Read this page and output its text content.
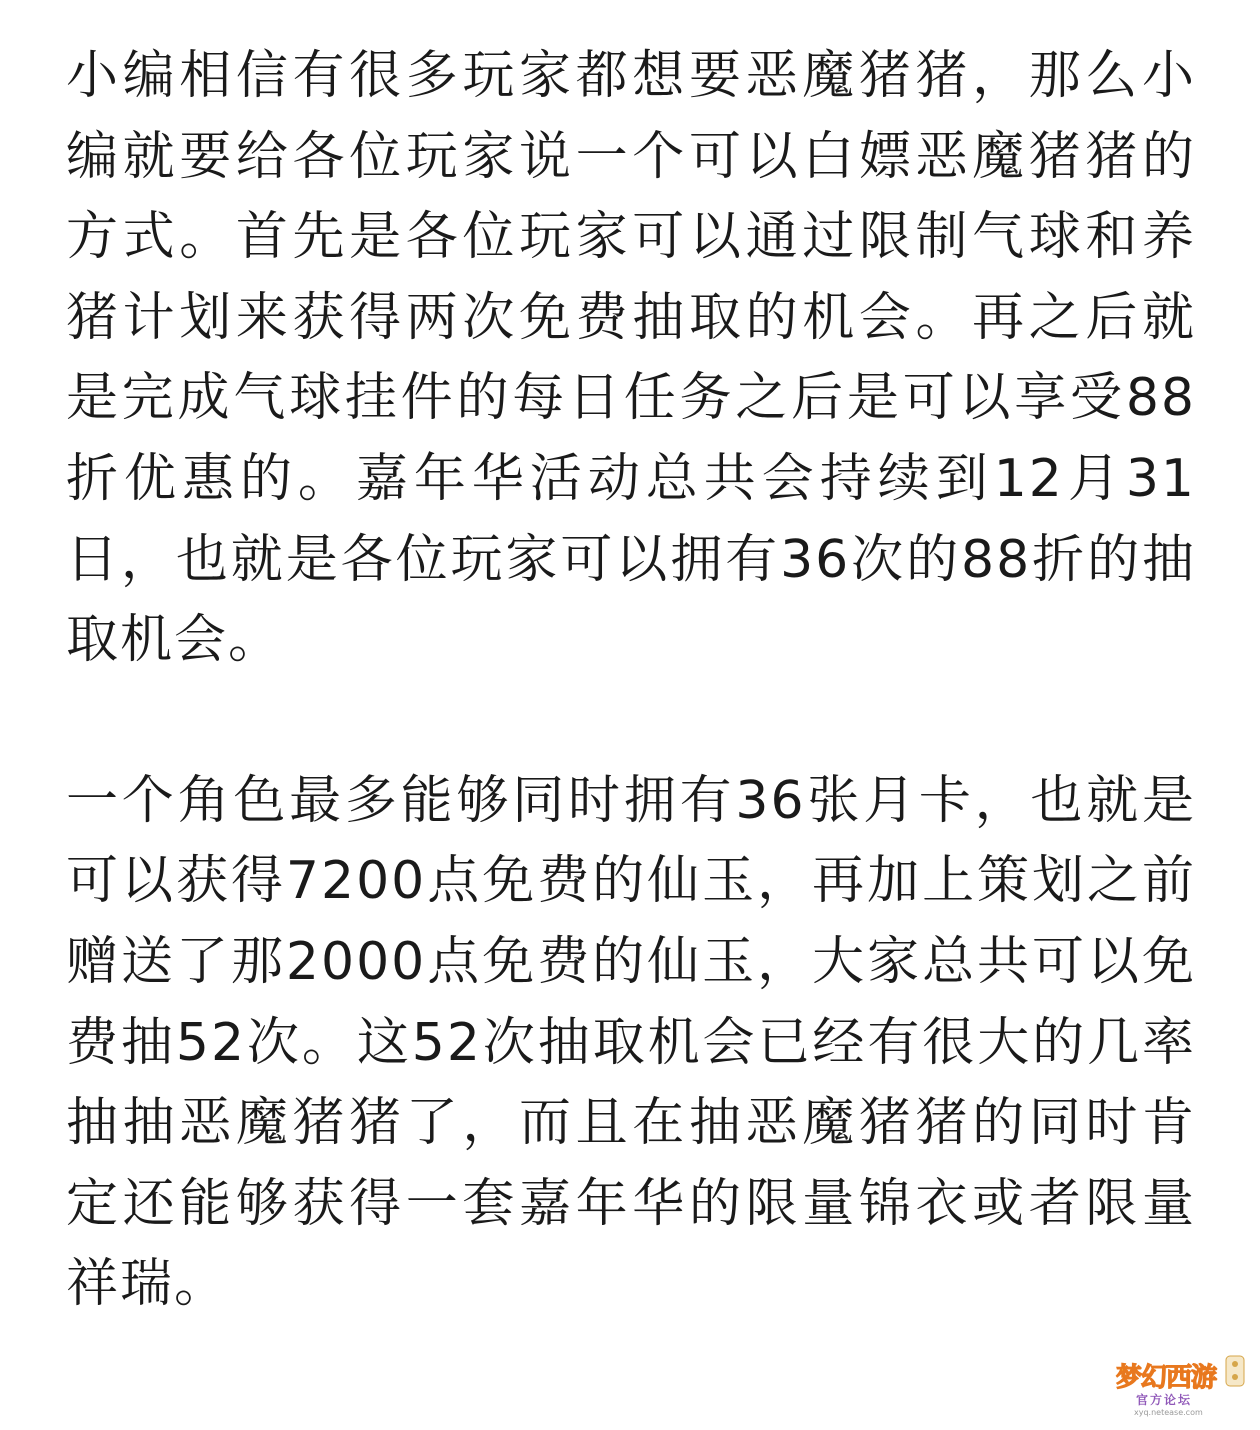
小编相信有很多玩家都想要恶魔猪猪，那么小编就要给各位玩家说一个可以白嫖恶魔猪猪的方式。首先是各位玩家可以通过限制气球和养猪计划来获得两次免费抽取的机会。再之后就是完成气球挂件的每日任务之后是可以享受88折优惠的。嘉年华活动总共会持续到12月31日，也就是各位玩家可以拥有36次的88折的抽取机会。

一个角色最多能够同时拥有36张月卡，也就是可以获得7200点免费的仙玉，再加上策划之前赠送了那2000点免费的仙玉，大家总共可以免费抽52次。这52次抽取机会已经有很大的几率抽抽恶魔猪猪了，而且在抽恶魔猪猪的同时肯定还能够获得一套嘉年华的限量锦衣或者限量祥瑞。

梦幻西游
官方论坛
xyq.netease.com
